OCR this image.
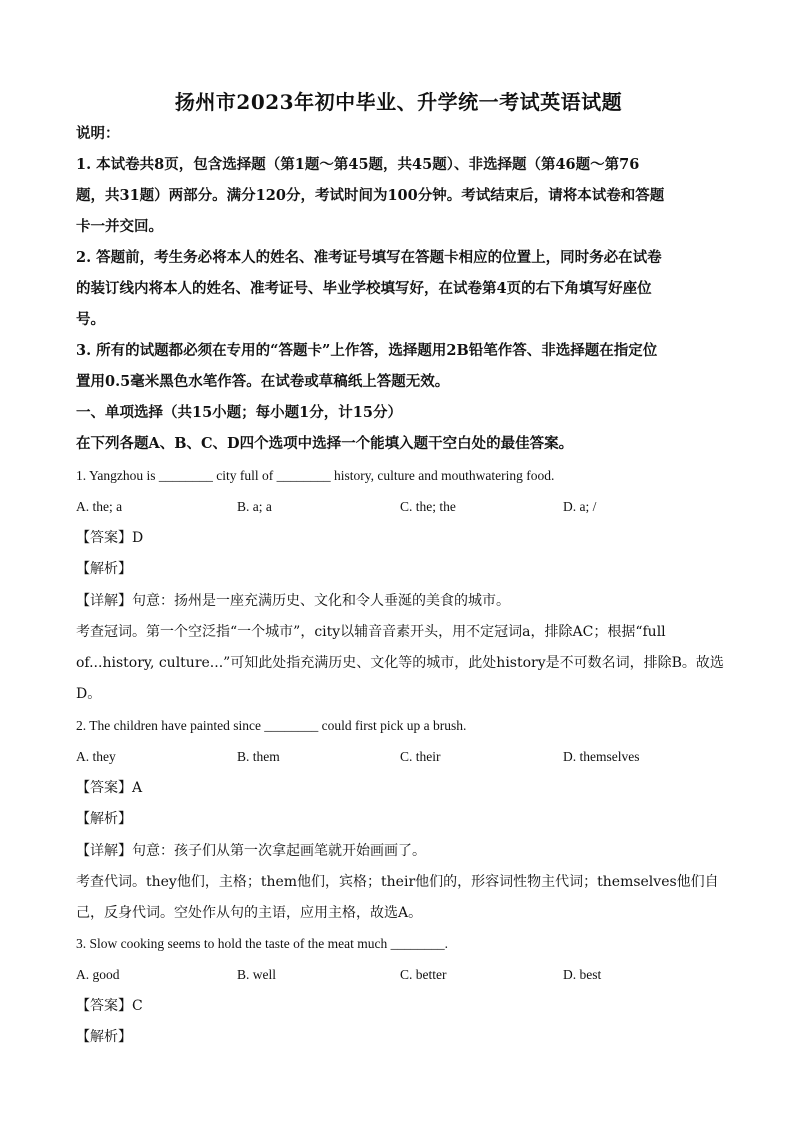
扬州市2023年初中毕业、升学统一考试英语试题
说明：
1. 本试卷共8页，包含选择题（第1题～第45题，共45题）、非选择题（第46题～第76
题，共31题）两部分。满分120分，考试时间为100分钟。考试结束后，请将本试卷和答题
卡一并交回。
2. 答题前，考生务必将本人的姓名、准考证号填写在答题卡相应的位置上，同时务必在试卷
的装订线内将本人的姓名、准考证号、毕业学校填写好，在试卷第4页的右下角填写好座位
号。
3. 所有的试题都必须在专用的“答题卡”上作答，选择题用2B铅笔作答、非选择题在指定位
置用0.5毫米黑色水笔作答。在试卷或草稿纸上答题无效。
一、单项选择（共15小题；每小题1分，计15分）
在下列各题A、B、C、D四个选项中选择一个能填入题干空白处的最佳答案。
1. Yangzhou is ________ city full of ________ history, culture and mouthwatering food.
A. the; a	B. a; a	C. the; the	D. a; /
【答案】D
【解析】
【详解】句意：扬州是一座充满历史、文化和令人垂涎的美食的城市。
考查冠词。第一个空泛指“一个城市”，city以辅音音素开头，用不定冠词a，排除AC；根据“full
of...history, culture...”可知此处指充满历史、文化等的城市，此处history是不可数名词，排除B。故选
D。
2. The children have painted since ________ could first pick up a brush.
A. they	B. them	C. their	D. themselves
【答案】A
【解析】
【详解】句意：孩子们从第一次拿起画笔就开始画画了。
考查代词。they他们，主格；them他们，宾格；their他们的，形容词性物主代词；themselves他们自
己，反身代词。空处作从句的主语，应用主格，故选A。
3. Slow cooking seems to hold the taste of the meat much ________.
A. good	B. well	C. better	D. best
【答案】C
【解析】
